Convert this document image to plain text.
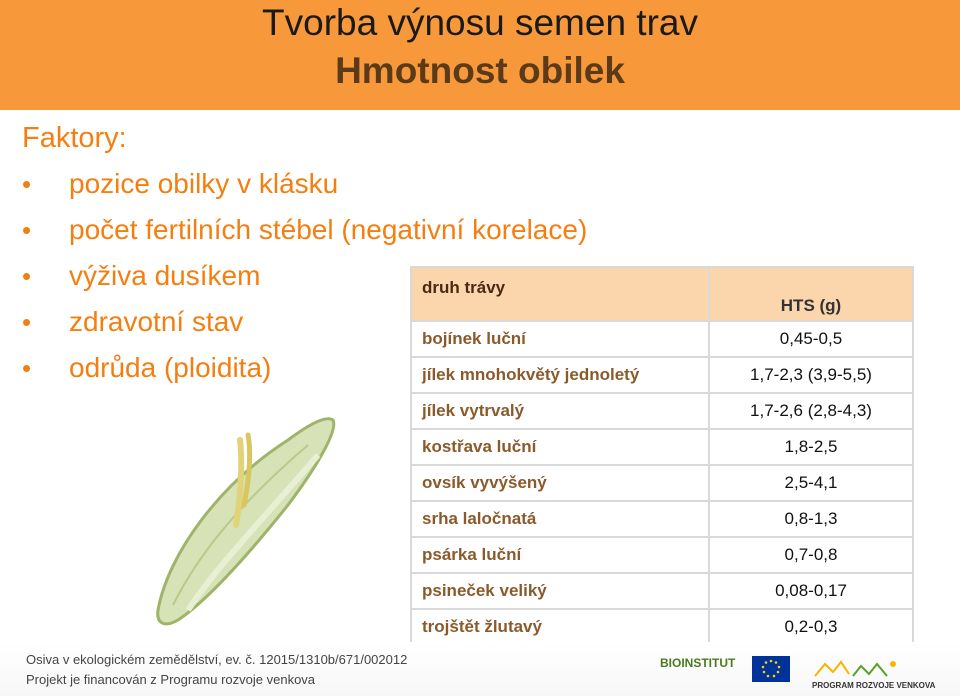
Tvorba výnosu semen trav
Hmotnost obilek
Faktory:
• pozice obilky v klásku
• počet fertilních stébel (negativní korelace)
• výživa dusíkem
• zdravotní stav
• odrůda (ploidita)
druh trávy	HTS (g)
bojínek luční	0,45-0,5
jílek mnohokvětý jednoletý	1,7-2,3 (3,9-5,5)
jílek vytrvalý	1,7-2,6 (2,8-4,3)
kostřava luční	1,8-2,5
ovsík vyvýšený	2,5-4,1
srha laločnatá	0,8-1,3
psárka luční	0,7-0,8
psineček veliký	0,08-0,17
trojštět žlutavý	0,2-0,3
Osiva v ekologickém zemědělství, ev. č. 12015/1310b/671/002012
Projekt je financován z Programu rozvoje venkova
BIOINSTITUT
PROGRAM ROZVOJE VENKOVA
